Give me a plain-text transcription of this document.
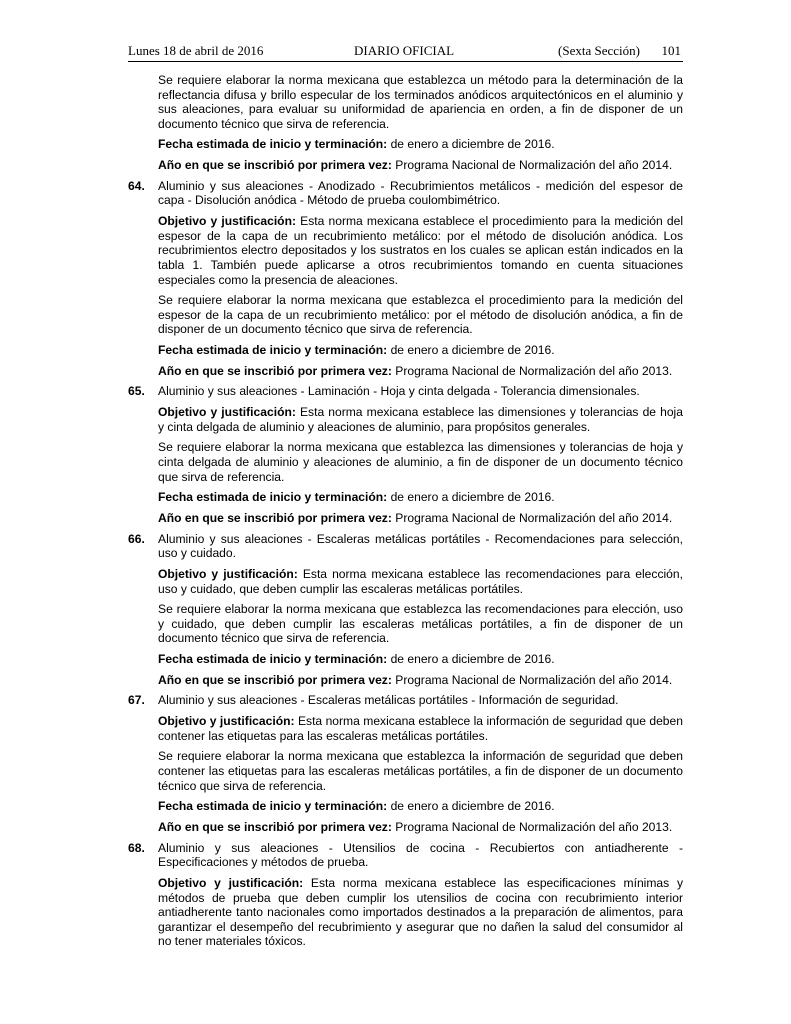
Lunes 18 de abril de 2016	DIARIO OFICIAL	(Sexta Sección) 101

Se requiere elaborar la norma mexicana que establezca un método para la determinación de la reflectancia difusa y brillo especular de los terminados anódicos arquitectónicos en el aluminio y sus aleaciones, para evaluar su uniformidad de apariencia en orden, a fin de disponer de un documento técnico que sirva de referencia.

Fecha estimada de inicio y terminación: de enero a diciembre de 2016.

Año en que se inscribió por primera vez: Programa Nacional de Normalización del año 2014.

64.	Aluminio y sus aleaciones - Anodizado - Recubrimientos metálicos - medición del espesor de capa - Disolución anódica - Método de prueba coulombimétrico.

Objetivo y justificación: Esta norma mexicana establece el procedimiento para la medición del espesor de la capa de un recubrimiento metálico: por el método de disolución anódica. Los recubrimientos electro depositados y los sustratos en los cuales se aplican están indicados en la tabla 1. También puede aplicarse a otros recubrimientos tomando en cuenta situaciones especiales como la presencia de aleaciones.

Se requiere elaborar la norma mexicana que establezca el procedimiento para la medición del espesor de la capa de un recubrimiento metálico: por el método de disolución anódica, a fin de disponer de un documento técnico que sirva de referencia.

Fecha estimada de inicio y terminación: de enero a diciembre de 2016.

Año en que se inscribió por primera vez: Programa Nacional de Normalización del año 2013.

65.	Aluminio y sus aleaciones - Laminación - Hoja y cinta delgada - Tolerancia dimensionales.

Objetivo y justificación: Esta norma mexicana establece las dimensiones y tolerancias de hoja y cinta delgada de aluminio y aleaciones de aluminio, para propósitos generales.

Se requiere elaborar la norma mexicana que establezca las dimensiones y tolerancias de hoja y cinta delgada de aluminio y aleaciones de aluminio, a fin de disponer de un documento técnico que sirva de referencia.

Fecha estimada de inicio y terminación: de enero a diciembre de 2016.

Año en que se inscribió por primera vez: Programa Nacional de Normalización del año 2014.

66.	Aluminio y sus aleaciones - Escaleras metálicas portátiles - Recomendaciones para selección, uso y cuidado.

Objetivo y justificación: Esta norma mexicana establece las recomendaciones para elección, uso y cuidado, que deben cumplir las escaleras metálicas portátiles.

Se requiere elaborar la norma mexicana que establezca las recomendaciones para elección, uso y cuidado, que deben cumplir las escaleras metálicas portátiles, a fin de disponer de un documento técnico que sirva de referencia.

Fecha estimada de inicio y terminación: de enero a diciembre de 2016.

Año en que se inscribió por primera vez: Programa Nacional de Normalización del año 2014.

67.	Aluminio y sus aleaciones - Escaleras metálicas portátiles - Información de seguridad.

Objetivo y justificación: Esta norma mexicana establece la información de seguridad que deben contener las etiquetas para las escaleras metálicas portátiles.

Se requiere elaborar la norma mexicana que establezca la información de seguridad que deben contener las etiquetas para las escaleras metálicas portátiles, a fin de disponer de un documento técnico que sirva de referencia.

Fecha estimada de inicio y terminación: de enero a diciembre de 2016.

Año en que se inscribió por primera vez: Programa Nacional de Normalización del año 2013.

68.	Aluminio y sus aleaciones - Utensilios de cocina - Recubiertos con antiadherente - Especificaciones y métodos de prueba.

Objetivo y justificación: Esta norma mexicana establece las especificaciones mínimas y métodos de prueba que deben cumplir los utensilios de cocina con recubrimiento interior antiadherente tanto nacionales como importados destinados a la preparación de alimentos, para garantizar el desempeño del recubrimiento y asegurar que no dañen la salud del consumidor al no tener materiales tóxicos.
